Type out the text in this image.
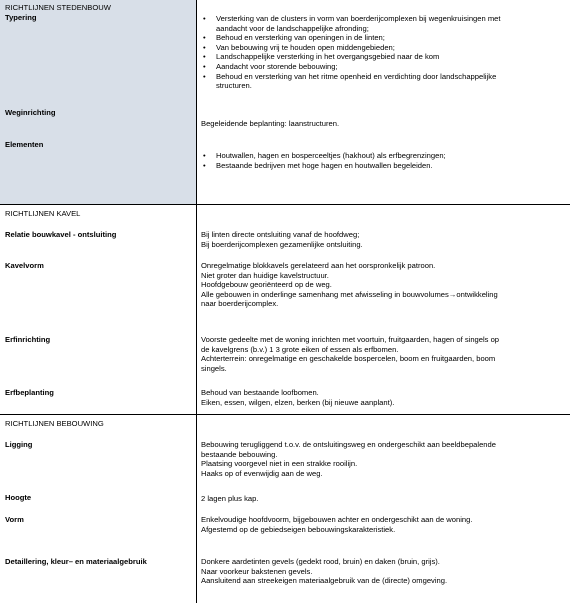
RICHTLIJNEN STEDENBOUW
Typering
•	Versterking van de clusters in vorm van boerderijcomplexen bij wegenkruisingen met
aandacht voor de landschappelijke afronding;
• Behoud en versterking van openingen in de linten;
• Van bebouwing vrij te houden open middengebieden;
• Landschappelijke versterking in het overgangsgebied naar de kom
• Aandacht voor storende bebouwing;
• Behoud en versterking van het ritme openheid en verdichting door landschappelijke
structuren.
Weginrichting
Begeleidende beplanting: laanstructuren.
Elementen
• Houtwallen, hagen en bosperceeltjes (hakhout) als erfbegrenzingen;
• Bestaande bedrijven met hoge hagen en houtwallen begeleiden.
RICHTLIJNEN KAVEL
Relatie bouwkavel - ontsluiting	Bij linten directe ontsluiting vanaf de hoofdweg;
Bij boerderijcomplexen gezamenlijke ontsluiting.
Kavelvorm	Onregelmatige blokkavels gerelateerd aan het oorspronkelijk patroon.
Niet groter dan huidige kavelstructuur.
Hoofdgebouw georiënteerd op de weg.
Alle gebouwen in onderlinge samenhang met afwisseling in bouwvolumes→ontwikkeling
naar boerderijcomplex.
Erfinrichting	Voorste gedeelte met de woning inrichten met voortuin, fruitgaarden, hagen of singels op
de kavelgrens (b.v.) 1 3 grote eiken of essen als erfbomen.
Achterterrein: onregelmatige en geschakelde bospercelen, boom en fruitgaarden, boom
singels.
Erfbeplanting	Behoud van bestaande loofbomen.
Eiken, essen, wilgen, elzen, berken (bij nieuwe aanplant).
RICHTLIJNEN BEBOUWING
Ligging	Bebouwing terugliggend t.o.v. de ontsluitingsweg en ondergeschikt aan beeldbepalende
bestaande bebouwing.
Plaatsing voorgevel niet in een strakke rooilijn.
Haaks op of evenwijdig aan de weg.
Hoogte	2 lagen plus kap.
Vorm	Enkelvoudige hoofdvoorm, bijgebouwen achter en ondergeschikt aan de woning.
Afgestemd op de gebiedseigen bebouwingskarakteristiek.
Detaillering, kleur– en materiaalgebruik	Donkere aardetinten gevels (gedekt rood, bruin) en daken (bruin, grijs).
Naar voorkeur bakstenen gevels.
Aansluitend aan streekeigen materiaalgebruik van de (directe) omgeving.
